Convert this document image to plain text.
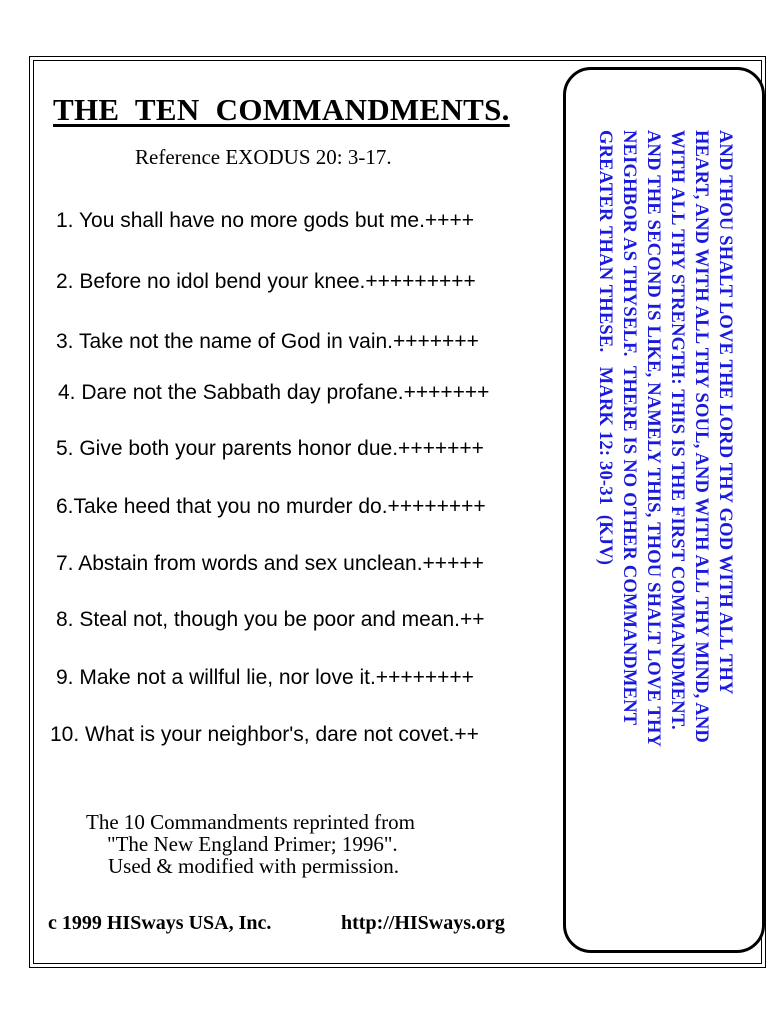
THE  TEN  COMMANDMENTS.
Reference EXODUS 20: 3-17.
1. You shall have no more gods but me.++++
2. Before no idol bend your knee.+++++++++
3. Take not the name of God in vain.+++++++
4. Dare not the Sabbath day profane.+++++++
5. Give both your parents honor due.+++++++
6.Take heed that you no murder do.++++++++
7. Abstain from words and sex unclean.+++++
8. Steal not, though you be poor and mean.++
9. Make not a willful lie, nor love it.++++++++
10. What is your neighbor's, dare not covet.++
The 10 Commandments reprinted from
"The New England Primer; 1996".
Used & modified with permission.
c 1999 HISways USA, Inc.	http://HISways.org
AND THOU SHALT LOVE THE LORD THY GOD WITH ALL THY
HEART, AND WITH ALL THY SOUL, AND WITH ALL THY MIND, AND
WITH ALL THY STRENGTH: THIS IS THE FIRST COMMANDMENT.
AND THE SECOND IS LIKE, NAMELY THIS, THOU SHALT LOVE THY
NEIGHBOR AS THYSELF.  THERE IS NO OTHER COMMANDMENT
GREATER THAN THESE.   MARK 12: 30-31  (KJV)
